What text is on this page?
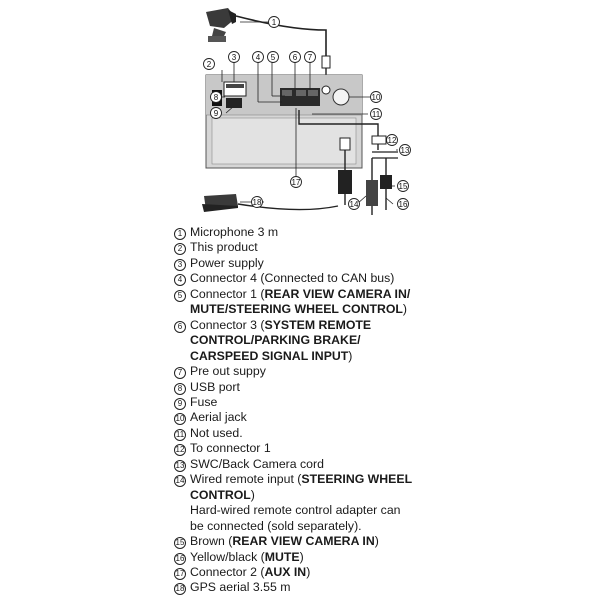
1
2
3 4 5 6 7
8
9
10
11
12
13
14
15
16
17
18
1 Microphone 3 m
2 This product
3 Power supply
4 Connector 4 (Connected to CAN bus)
5 Connector 1 (REAR VIEW CAMERA IN/
MUTE/STEERING WHEEL CONTROL)
6 Connector 3 (SYSTEM REMOTE
CONTROL/PARKING BRAKE/
CARSPEED SIGNAL INPUT)
7 Pre out suppy
8 USB port
9 Fuse
10 Aerial jack
11 Not used.
12 To connector 1
13 SWC/Back Camera cord
14 Wired remote input (STEERING WHEEL
CONTROL)
Hard-wired remote control adapter can
be connected (sold separately).
15 Brown (REAR VIEW CAMERA IN)
16 Yellow/black (MUTE)
17 Connector 2 (AUX IN)
18 GPS aerial 3.55 m
